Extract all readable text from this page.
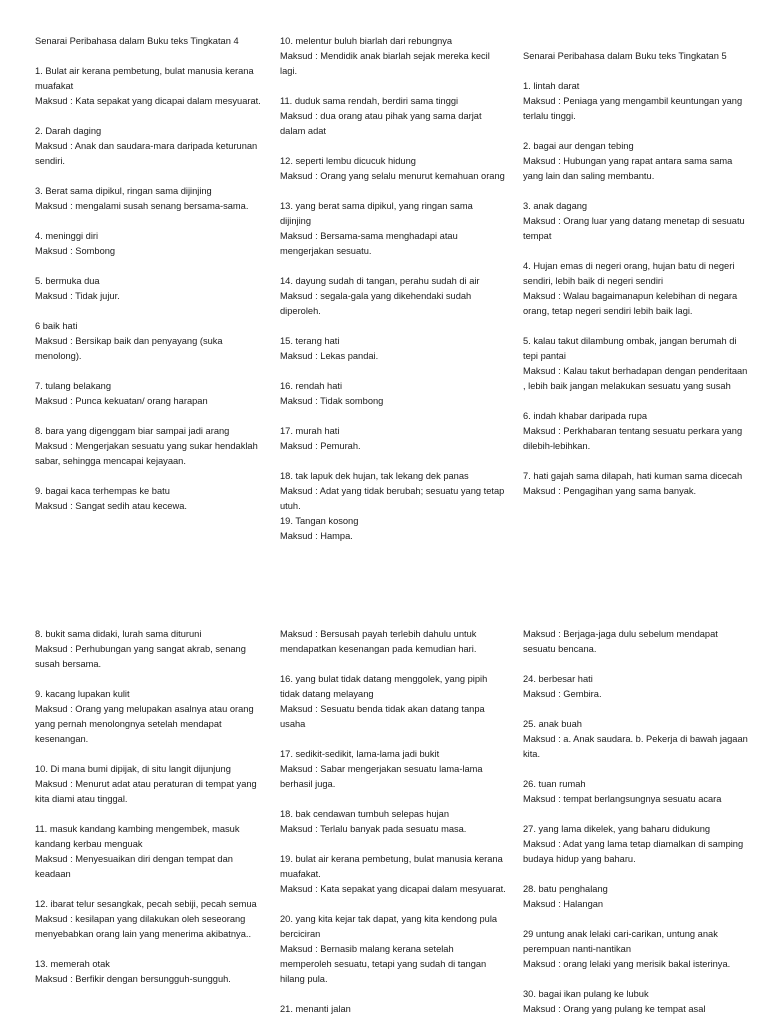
Senarai Peribahasa dalam Buku teks Tingkatan 4

1. Bulat air kerana pembetung, bulat manusia kerana muafakat

Maksud : Kata sepakat yang dicapai dalam mesyuarat.

2. Darah daging

Maksud : Anak dan saudara-mara daripada keturunan sendiri.

3. Berat sama dipikul, ringan sama dijinjing

Maksud : mengalami susah senang bersama-sama.

4. meninggi diri

Maksud : Sombong

5. bermuka dua

Maksud : Tidak jujur.

6 baik hati

Maksud : Bersikap baik dan penyayang (suka menolong).

7. tulang belakang

Maksud : Punca kekuatan/ orang harapan

8. bara yang digenggam biar sampai jadi arang

Maksud : Mengerjakan sesuatu yang sukar hendaklah sabar, sehingga mencapai kejayaan.

9. bagai kaca terhempas ke batu

Maksud : Sangat sedih atau kecewa.

10. melentur buluh biarlah dari rebungnya

Maksud : Mendidik anak biarlah sejak mereka kecil lagi.

11. duduk sama rendah, berdiri sama tinggi

Maksud : dua orang atau pihak yang sama darjat dalam adat

12. seperti lembu dicucuk hidung

Maksud : Orang yang selalu menurut kemahuan orang

13. yang berat sama dipikul, yang ringan sama dijinjing

Maksud : Bersama-sama menghadapi atau mengerjakan sesuatu.

14. dayung sudah di tangan, perahu sudah di air

Maksud : segala-gala yang dikehendaki sudah diperoleh.

15. terang hati

Maksud : Lekas pandai.

16. rendah hati

Maksud : Tidak sombong

17. murah hati

Maksud : Pemurah.

18. tak lapuk dek hujan, tak lekang dek panas

Maksud : Adat yang tidak berubah; sesuatu yang tetap utuh.

19. Tangan kosong

Maksud : Hampa.

Senarai Peribahasa dalam Buku teks Tingkatan 5

1. lintah darat

Maksud : Peniaga yang mengambil keuntungan yang terlalu tinggi.

2. bagai aur dengan tebing

Maksud : Hubungan yang rapat antara sama sama yang lain dan saling membantu.

3. anak dagang

Maksud : Orang luar yang datang menetap di sesuatu tempat

4. Hujan emas di negeri orang, hujan batu di negeri sendiri, lebih baik di negeri sendiri

Maksud : Walau bagaimanapun kelebihan di negara orang, tetap negeri sendiri lebih baik lagi.

5. kalau takut dilambung ombak, jangan berumah di tepi pantai

Maksud : Kalau takut berhadapan dengan penderitaan , lebih baik jangan melakukan sesuatu yang susah

6. indah khabar daripada rupa

Maksud : Perkhabaran tentang sesuatu perkara yang dilebih-lebihkan.

7. hati gajah sama dilapah, hati kuman sama dicecah

Maksud : Pengagihan yang sama banyak.

8. bukit sama didaki, lurah sama dituruni

Maksud : Perhubungan yang sangat akrab, senang susah bersama.

9. kacang lupakan kulit

Maksud : Orang yang melupakan asalnya atau orang yang pernah menolongnya setelah mendapat kesenangan.

10. Di mana bumi dipijak, di situ langit dijunjung

Maksud : Menurut adat atau peraturan di tempat yang kita diami atau tinggal.

11. masuk kandang kambing mengembek, masuk kandang kerbau menguak

Maksud : Menyesuaikan diri dengan tempat dan keadaan

12. ibarat telur sesangkak, pecah sebiji, pecah semua

Maksud : kesilapan yang dilakukan oleh seseorang menyebabkan orang lain yang menerima akibatnya..

13. memerah otak

Maksud : Berfikir dengan bersungguh-sungguh.

Maksud : Bersusah payah terlebih dahulu untuk mendapatkan kesenangan pada kemudian hari.

16. yang bulat tidak datang menggolek, yang pipih tidak datang melayang

Maksud : Sesuatu benda tidak akan datang tanpa usaha

17. sedikit-sedikit, lama-lama jadi bukit

Maksud : Sabar mengerjakan sesuatu lama-lama berhasil juga.

18. bak cendawan tumbuh selepas hujan

Maksud : Terlalu banyak pada sesuatu masa.

19. bulat air kerana pembetung, bulat manusia kerana muafakat.

Maksud : Kata sepakat yang dicapai dalam mesyuarat.

20. yang kita kejar tak dapat, yang kita kendong pula berciciran

Maksud : Bernasib malang kerana setelah memperoleh sesuatu, tetapi yang sudah di tangan hilang pula.

21. menanti jalan

Maksud : Berjaga-jaga dulu sebelum mendapat sesuatu bencana.

24. berbesar hati

Maksud : Gembira.

25. anak buah

Maksud : a. Anak saudara. b. Pekerja di bawah jagaan kita.

26. tuan rumah

Maksud : tempat berlangsungnya sesuatu acara

27. yang lama dikelek, yang baharu didukung

Maksud : Adat yang lama tetap diamalkan di samping budaya hidup yang baharu.

28. batu penghalang

Maksud : Halangan

29 untung anak lelaki cari-carikan, untung anak perempuan nanti-nantikan

Maksud : orang lelaki yang merisik bakal isterinya.

30. bagai ikan pulang ke lubuk

Maksud : Orang yang pulang ke tempat asal
